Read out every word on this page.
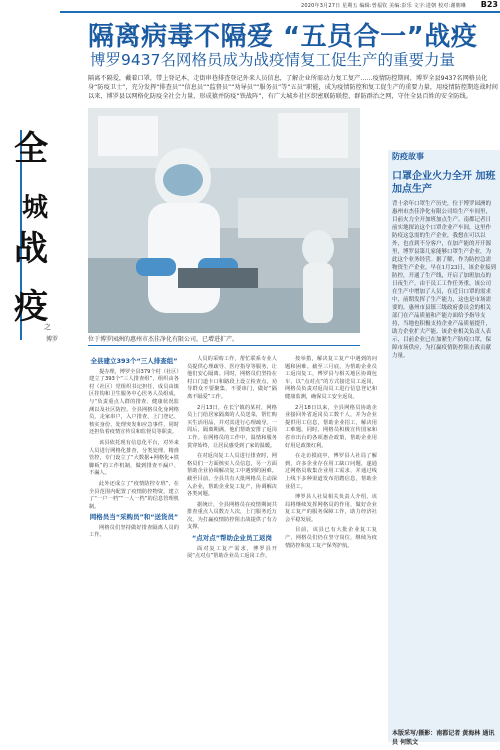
2020年3月27日 星期五 编辑:曾福钦 美编:彭乐 文字:进朝 校对:谢朝琳 B23
隔离病毒不隔爱 “五员合一”战疫
博罗9437名网格员成为战疫情复工促生产的重要力量
隔离不隔爱，戴着口罩，带上登记本，走街串巷排查登记外来人员信息，了解企业所需动力复工复产……疫情防控期间，博罗全县9437名网格员化身“防疫卫士”，充分发挥“排查员”“信息员”“监督员”“劝导员”“服务员”等“五员”职能，成为疫情防控和复工促生产的重要力量，用疫情防控期连战时间以来，博罗县以网格化防疫全社会力量，形成猿并防疫“铁战阵”，有广大城乡社区织密联防联控、群防群治之网，守住全县百姓的安全防线。
全
城
战
疫
之
博罗	位于博罗园洲的惠州市杰佳净化有限公司，已增进扩产。
防疫故事
口罩企业火力全开 加班加点生产
背十余年口罩生产历史，位于博罗园洲的惠州市杰佳净化有限公司给生产车间里，目前火力全开加班加点生产。南都记者日前实地探访这个口罩企业产车间，这里作防疫这急需的生产企业，我想在可以以外，也直到不分客户，在加产能的开开源里，博罗县第几家能够口罩生产企业，为此这个业务经营。据了解，作为防控急需物资生产企业，早在1月23日，该企业接到防控，开通了生产线，开启了加班加点的日夜生产。由于员工工作任务重，该公司在生产中增加了人员，在近日口罩的需求中，前期发挥了生产能力，这也是市场需要的。惠州市县镇三级政府委员会的相关部门在产品质量和产能方面给予指导支持，当地也积极支持企业产品质量提升，助力企业扩大产能。该企业相关负责人表示，目前企业已在加紧生产防疫口罩，保障市场供应，为打赢疫情防控阻击战贡献力量。
本版采写/摄影：南都记者 黄海林 通讯员 何凯文
全县建立393个“三人排查组”

提办理，博罗全县379个村（社区）建立了393个“三人排查组”，组织由各村（社区）党组织书记担任，成员由镇区挂钩和卫生服务中心医务人员组成，与“负责重点人群的排查、健康状况监测以及社区防控。全县网格员化身网格员，走家串户，入户排查，上门登记、核实身份、处理突发和应急事件，同时还担负着疫情宣传员和监督员等职责。

该县依托现有信息化平台，对外来人员进行网格化排查，分类处理、精准管控，专门设立了“大数据+网格化+铁脚板”的工作机制，做到排查不漏户、不漏人。

此外还成立了“疫情防控专班”，在全县范围内配置了疫情防控物资，建立了“一户一档”“一人一档”的信息管理机制。

网格员当“采购员”和“送货员”

网格员们坚持做好排查隔离人员的工作。

人员的采购工作，帮忙联系专业人员提供心理疏导、医疗指导等服务，让他们安心隔离。同时，网格员们坚持在村口门道卡口和路段上设立检查点，劝导群众不要聚集、不要串门，做好“隔离不隔爱”工作。

2月13日，在长宁镇的某村，网格员上门给居家隔离的人员送菜，帮忙购买生活用品，并对其进行心理疏导。一周后，隔离期满，他们帮助安排了返岗工作。在网格员的工作中，温情和服务贯穿始终，让居民感受到了家的温暖。

在对返岗复工人员进行排查时，网格员们一方面核实人员信息，另一方面帮助企业协调解决复工中遇到的困难。截至目前，全县共有大批网格员主动深入企业，帮助企业复工复产，协调解决各类问题。

据统计，全县网格员在疫情期间共排查重点人员数万人次，上门服务近万次，为打赢疫情防控阻击战提供了有力支撑。

“点对点”帮助企业员工返岗

面对复工复产需求，博罗县开展“点对点”帮助企业员工返岗工作。

按举措，解决复工复产中遇到的问题和困难。截至三月底，为帮助企业员工返岗复工，博罗县与相关地区协调包车，以“点对点”的方式接送员工返岗，网格员负责对返岗员工进行信息登记和健康监测，确保员工安全返岗。

2月18日以来，全县网格员协助企业接回外省返岗员工数千人，并为企业提供用工信息，帮助企业招工，解决用工难题。同时，网格员积极宣传国家和省市出台的各项惠企政策，帮助企业用好用足政策红利。

在走访摸底中，博罗县人社局了解到，许多企业存在用工缺口问题，遂通过网格员收集企业用工需求，并通过线上线下多种渠道发布招聘信息，帮助企业招工。

博罗县人社局相关负责人介绍，该局将继续发挥网格员的作用，做好企业复工复产的服务保障工作，助力经济社会平稳发展。

目前，该县已有大批企业复工复产，网格员们仍在坚守岗位，继续为疫情防控和复工复产保驾护航。
